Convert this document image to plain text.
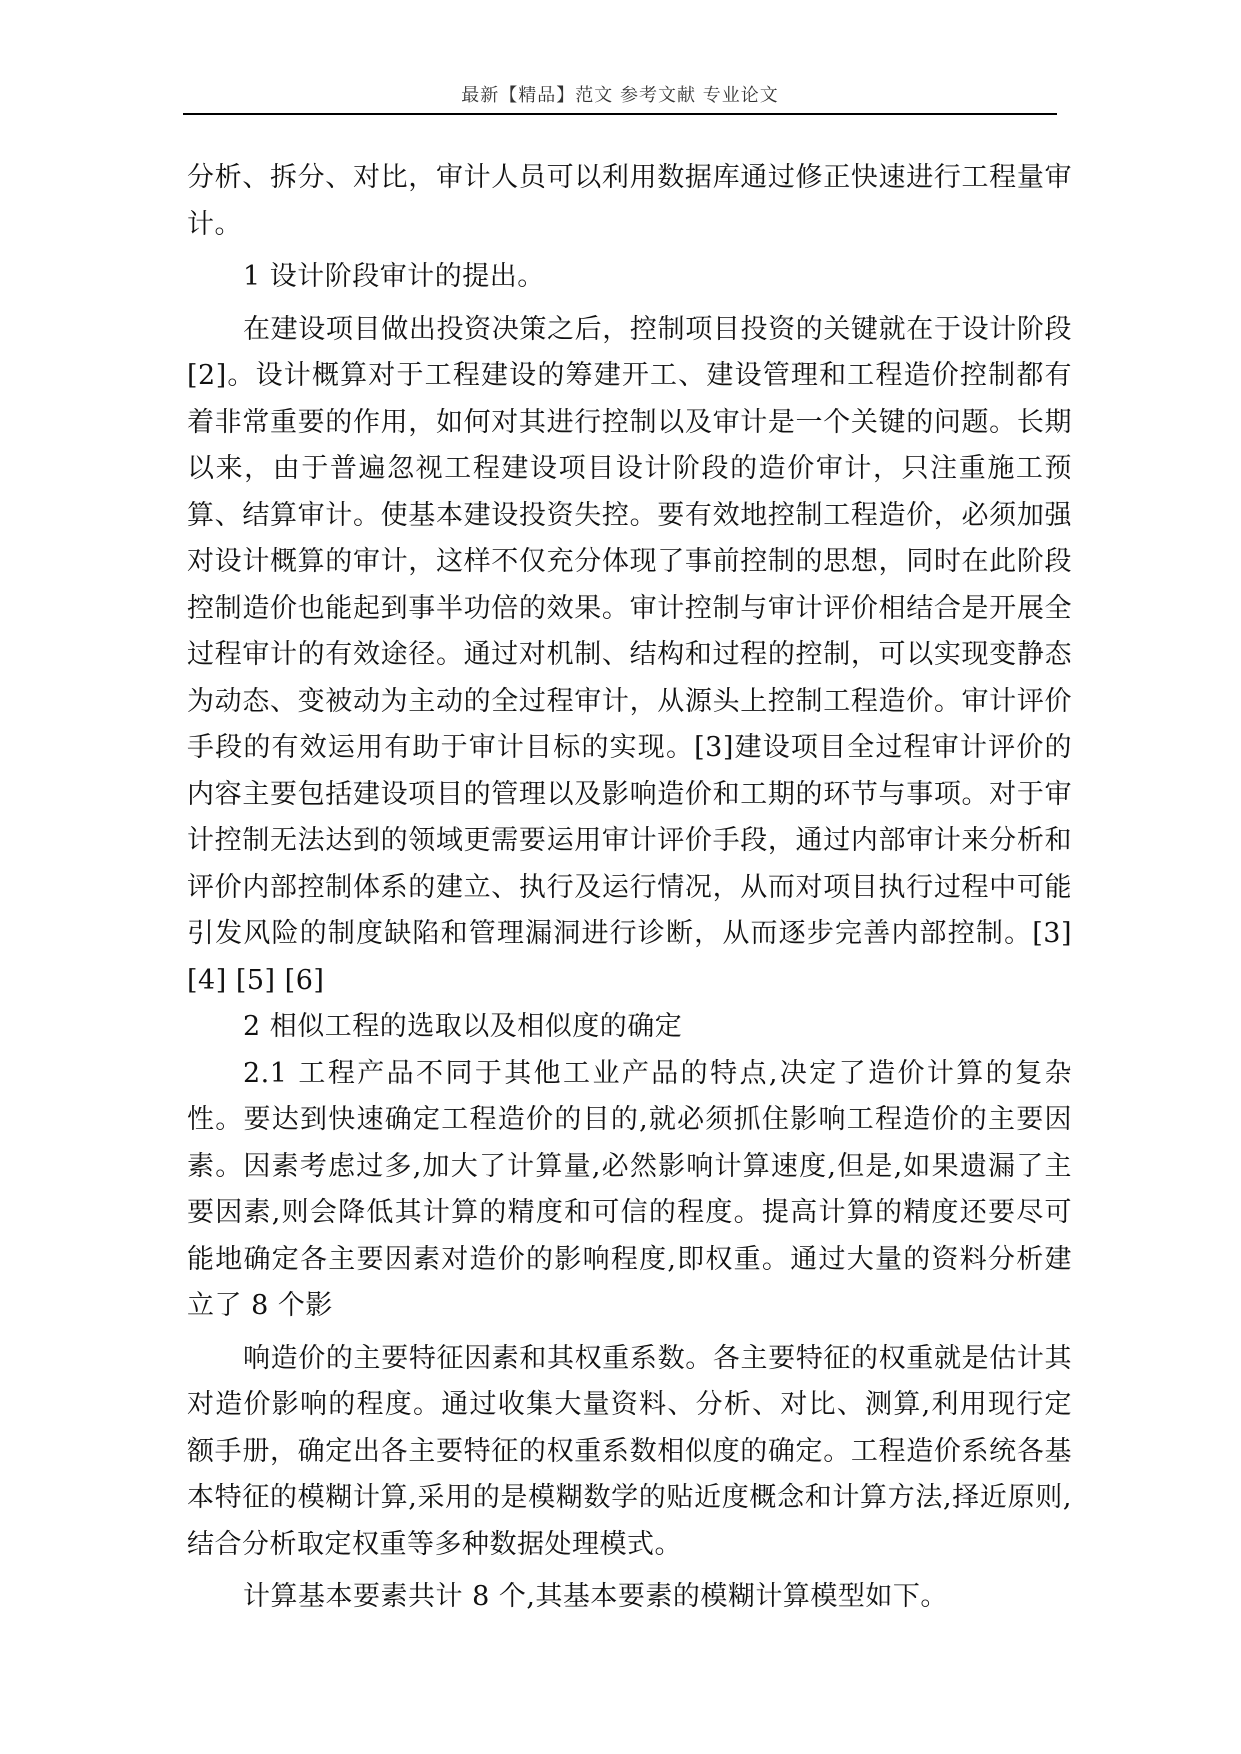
最新【精品】范文 参考文献 专业论文

分析、拆分、对比，审计人员可以利用数据库通过修正快速进行工程量审计。

1 设计阶段审计的提出。

在建设项目做出投资决策之后，控制项目投资的关键就在于设计阶段[2]。设计概算对于工程建设的筹建开工、建设管理和工程造价控制都有着非常重要的作用，如何对其进行控制以及审计是一个关键的问题。长期以来，由于普遍忽视工程建设项目设计阶段的造价审计，只注重施工预算、结算审计。使基本建设投资失控。要有效地控制工程造价，必须加强对设计概算的审计，这样不仅充分体现了事前控制的思想，同时在此阶段控制造价也能起到事半功倍的效果。审计控制与审计评价相结合是开展全过程审计的有效途径。通过对机制、结构和过程的控制，可以实现变静态为动态、变被动为主动的全过程审计，从源头上控制工程造价。审计评价手段的有效运用有助于审计目标的实现。[3]建设项目全过程审计评价的内容主要包括建设项目的管理以及影响造价和工期的环节与事项。对于审计控制无法达到的领域更需要运用审计评价手段，通过内部审计来分析和评价内部控制体系的建立、执行及运行情况，从而对项目执行过程中可能引发风险的制度缺陷和管理漏洞进行诊断，从而逐步完善内部控制。[3] [4] [5] [6]

2 相似工程的选取以及相似度的确定

2.1 工程产品不同于其他工业产品的特点,决定了造价计算的复杂性。要达到快速确定工程造价的目的,就必须抓住影响工程造价的主要因素。因素考虑过多,加大了计算量,必然影响计算速度,但是,如果遗漏了主要因素,则会降低其计算的精度和可信的程度。提高计算的精度还要尽可能地确定各主要因素对造价的影响程度,即权重。通过大量的资料分析建立了 8 个影

响造价的主要特征因素和其权重系数。各主要特征的权重就是估计其对造价影响的程度。通过收集大量资料、分析、对比、测算,利用现行定额手册，确定出各主要特征的权重系数相似度的确定。工程造价系统各基本特征的模糊计算,采用的是模糊数学的贴近度概念和计算方法,择近原则,结合分析取定权重等多种数据处理模式。

计算基本要素共计 8 个,其基本要素的模糊计算模型如下。
